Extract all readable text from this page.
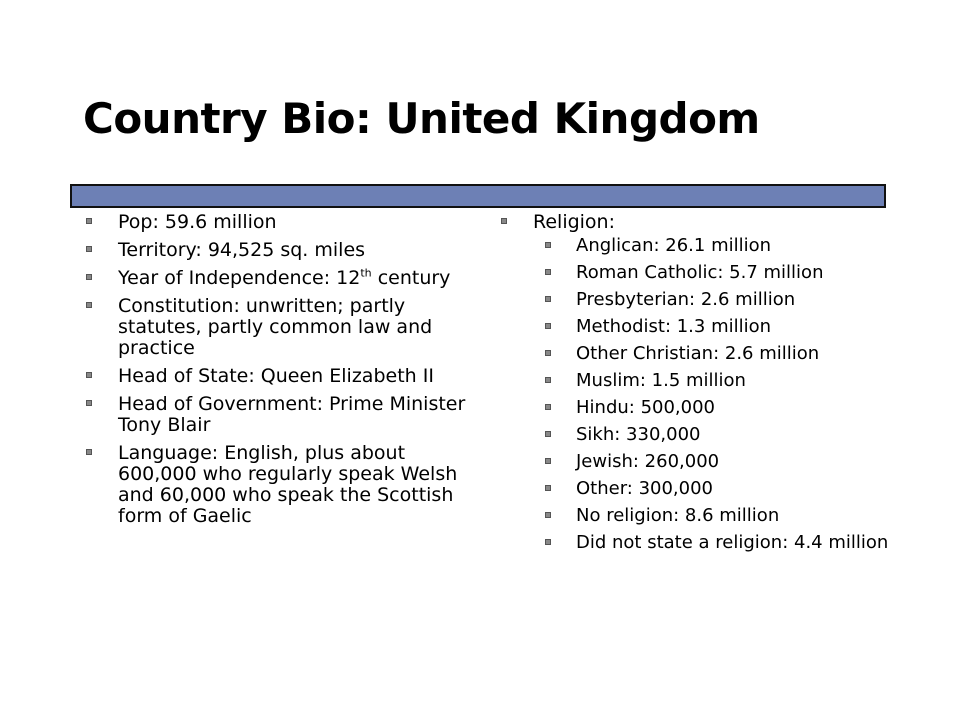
Country Bio: United Kingdom
Pop: 59.6 million
Territory: 94,525 sq. miles
Year of Independence: 12th century
Constitution: unwritten; partly statutes, partly common law and practice
Head of State: Queen Elizabeth II
Head of Government: Prime Minister Tony Blair
Language: English, plus about 600,000 who regularly speak Welsh and 60,000 who speak the Scottish form of Gaelic
Religion:
Anglican: 26.1 million
Roman Catholic: 5.7 million
Presbyterian: 2.6 million
Methodist: 1.3 million
Other Christian: 2.6 million
Muslim: 1.5 million
Hindu: 500,000
Sikh: 330,000
Jewish: 260,000
Other: 300,000
No religion: 8.6 million
Did not state a religion: 4.4 million
